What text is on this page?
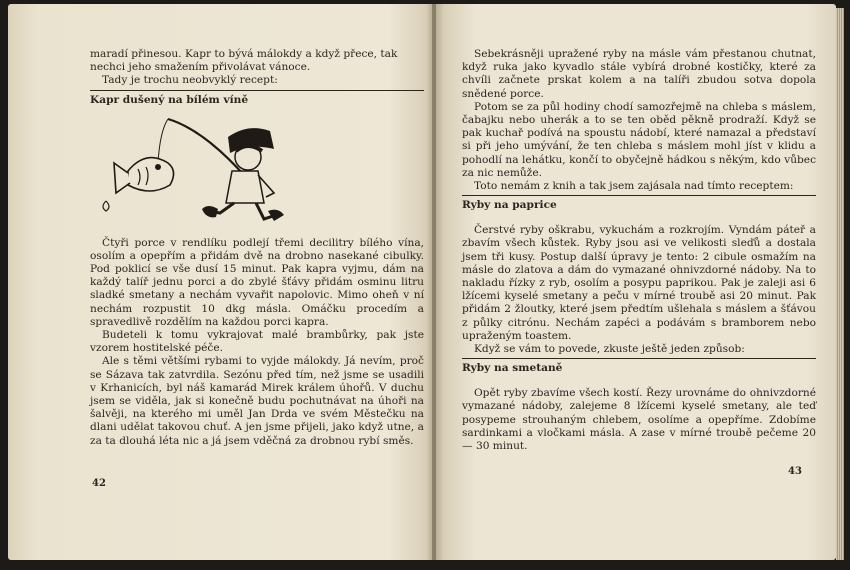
maradí přinesou. Kapr to bývá málokdy a když přece, tak

nechci jeho smažením přivolávat vánoce.

Tady je trochu neobvyklý recept:

Kapr dušený na bílém víně

Čtyři porce v rendlíku podlejí třemi decilitry bílého vína, osolím a opepřím a přidám dvě na drobno nasekané cibulky. Pod poklicí se vše dusí 15 minut. Pak kapra vyjmu, dám na každý talíř jednu porci a do zbylé šťávy přidám osminu litru sladké smetany a nechám vyvařit napolovic. Mimo oheň v ní nechám rozpustit 10 dkg másla. Omáčku procedím a spravedlivě rozdělím na každou porci kapra.

Budeteli k tomu vykrajovat malé brambůrky, pak jste vzorem hostitelské péče.

Ale s těmi většími rybami to vyjde málokdy. Já nevím, proč se Sázava tak zatvrdila. Sezónu před tím, než jsme se usadili v Krhanicích, byl náš kamarád Mirek králem úhořů. V duchu jsem se viděla, jak si konečně budu pochutnávat na úhoři na šalvěji, na kterého mi uměl Jan Drda ve svém Městečku na dlani udělat takovou chuť. A jen jsme přijeli, jako když utne, a za ta dlouhá léta nic a já jsem vděčná za drobnou rybí směs.

42

Sebekrásněji upražené ryby na másle vám přestanou chutnat, když ruka jako kyvadlo stále vybírá drobné kostičky, které za chvíli začnete prskat kolem a na talíři zbudou sotva dopola snědené porce.

Potom se za půl hodiny chodí samozřejmě na chleba s máslem, čabajku nebo uherák a to se ten oběd pěkně prodraží. Když se pak kuchař podívá na spoustu nádobí, které namazal a představí si při jeho umývání, že ten chleba s máslem mohl jíst v klidu a pohodlí na lehátku, končí to obyčejně hádkou s někým, kdo vůbec za nic nemůže.

Toto nemám z knih a tak jsem zajásala nad tímto receptem:

Ryby na paprice

Čerstvé ryby oškrabu, vykuchám a rozkrojím. Vyndám páteř a zbavím všech kůstek. Ryby jsou asi ve velikosti sleďů a dostala jsem tři kusy. Postup další úpravy je tento: 2 cibule osmažím na másle do zlatova a dám do vymazané ohnivzdorné nádoby. Na to nakladu řízky z ryb, osolím a posypu paprikou. Pak je zaleji asi 6 lžícemi kyselé smetany a peču v mírné troubě asi 20 minut. Pak přidám 2 žloutky, které jsem předtím ušlehala s máslem a šťávou z půlky citrónu. Nechám zapéci a podávám s bramborem nebo upraženým toastem.

Když se vám to povede, zkuste ještě jeden způsob:

Ryby na smetaně

Opět ryby zbavíme všech kostí. Řezy urovnáme do ohnivzdorné vymazané nádoby, zalejeme 8 lžícemi kyselé smetany, ale teď posypeme strouhaným chlebem, osolíme a opepříme. Zdobíme sardinkami a vločkami másla. A zase v mírné troubě pečeme 20 — 30 minut.

43
